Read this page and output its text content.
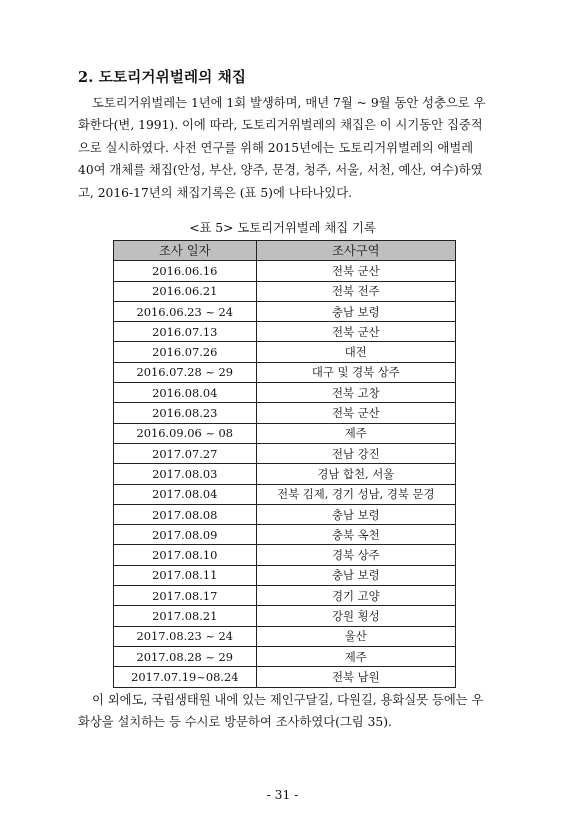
2. 도토리거위벌레의 채집

도토리거위벌레는 1년에 1회 발생하며, 매년 7월 ~ 9월 동안 성충으로 우
화한다(변, 1991). 이에 따라, 도토리거위벌레의 채집은 이 시기동안 집중적
으로 실시하였다. 사전 연구를 위해 2015년에는 도토리거위벌레의 애벌레
40여 개체를 채집(안성, 부산, 양주, 문경, 청주, 서울, 서천, 예산, 여수)하였
고, 2016-17년의 채집기록은 (표 5)에 나타나있다.

<표 5> 도토리거위벌레 채집 기록
조사 일자	조사구역
2016.06.16	전북 군산
2016.06.21	전북 전주
2016.06.23 ~ 24	충남 보령
2016.07.13	전북 군산
2016.07.26	대전
2016.07.28 ~ 29	대구 및 경북 상주
2016.08.04	전북 고창
2016.08.23	전북 군산
2016.09.06 ~ 08	제주
2017.07.27	전남 강진
2017.08.03	경남 합천, 서울
2017.08.04	전북 김제, 경기 성남, 경북 문경
2017.08.08	충남 보령
2017.08.09	충북 옥천
2017.08.10	경북 상주
2017.08.11	충남 보령
2017.08.17	경기 고양
2017.08.21	강원 횡성
2017.08.23 ~ 24	울산
2017.08.28 ~ 29	제주
2017.07.19~08.24	전북 남원

이 외에도, 국립생태원 내에 있는 제인구달길, 다원길, 용화실못 등에는 우
화상을 설치하는 등 수시로 방문하여 조사하였다(그림 35).

- 31 -
